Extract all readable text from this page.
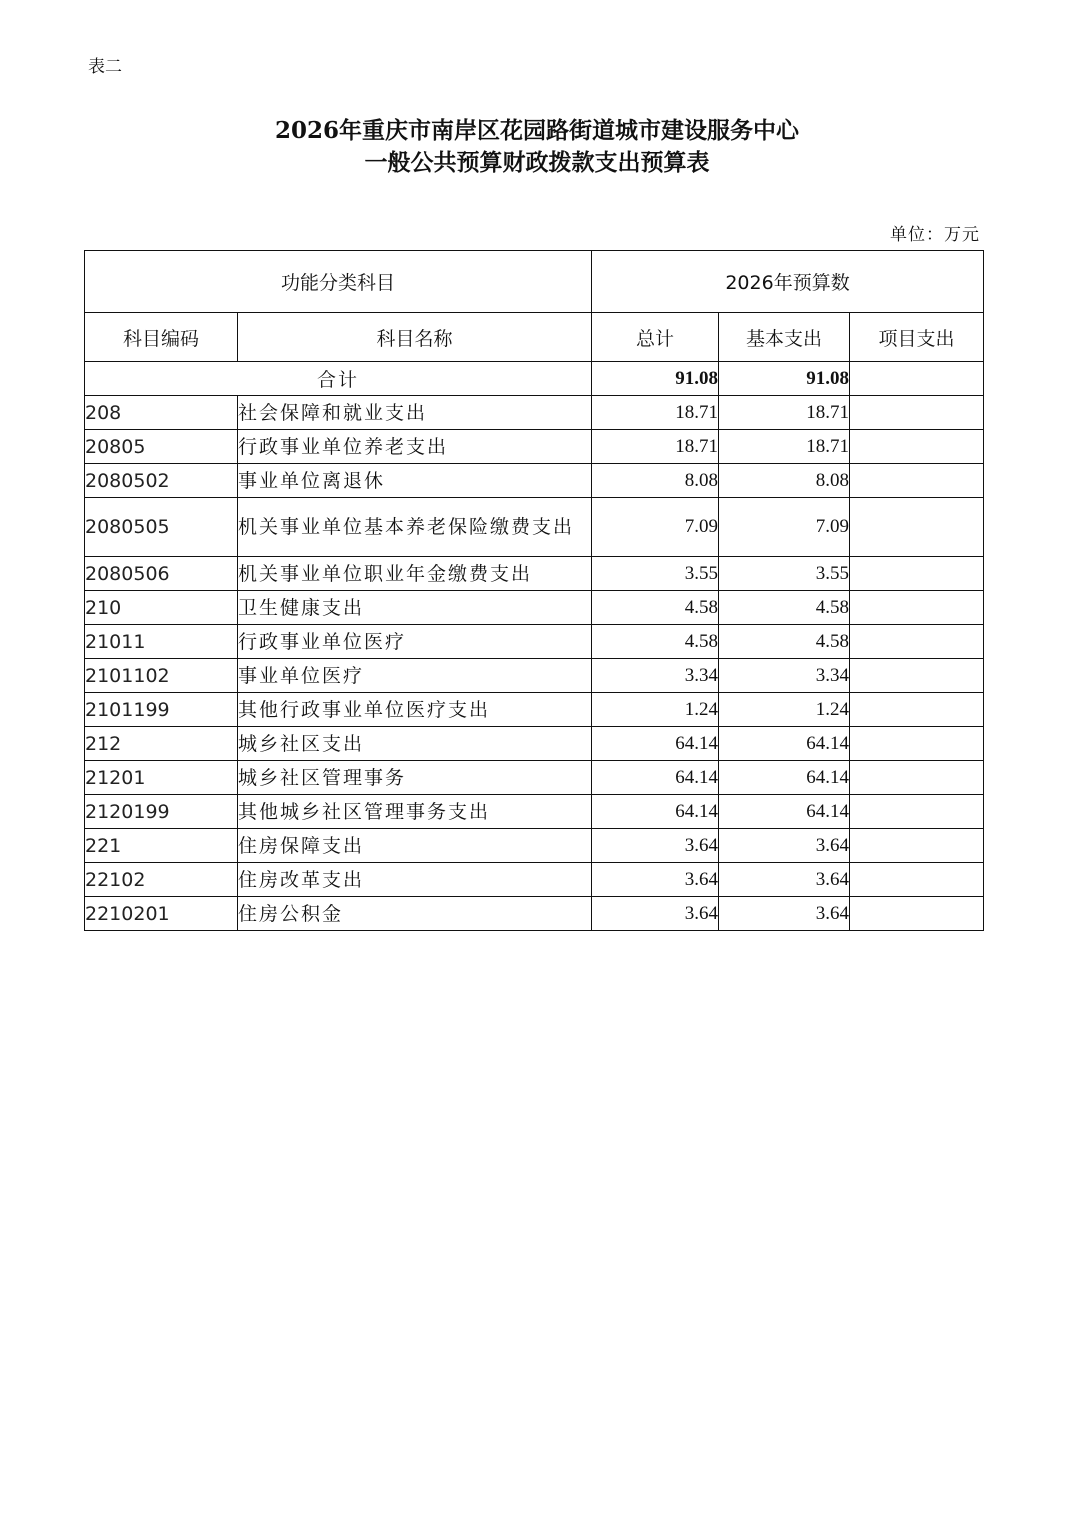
表二
2026年重庆市南岸区花园路街道城市建设服务中心
一般公共预算财政拨款支出预算表
单位：万元
功能分类科目		2026年预算数		
科目编码	科目名称	总计	基本支出	项目支出
合计		91.08	91.08	
208	社会保障和就业支出	18.71	18.71	
20805	行政事业单位养老支出	18.71	18.71	
2080502	事业单位离退休	8.08	8.08	
2080505	机关事业单位基本养老保险缴费支出	7.09	7.09	
2080506	机关事业单位职业年金缴费支出	3.55	3.55	
210	卫生健康支出	4.58	4.58	
21011	行政事业单位医疗	4.58	4.58	
2101102	事业单位医疗	3.34	3.34	
2101199	其他行政事业单位医疗支出	1.24	1.24	
212	城乡社区支出	64.14	64.14	
21201	城乡社区管理事务	64.14	64.14	
2120199	其他城乡社区管理事务支出	64.14	64.14	
221	住房保障支出	3.64	3.64	
22102	住房改革支出	3.64	3.64	
2210201	住房公积金	3.64	3.64	
